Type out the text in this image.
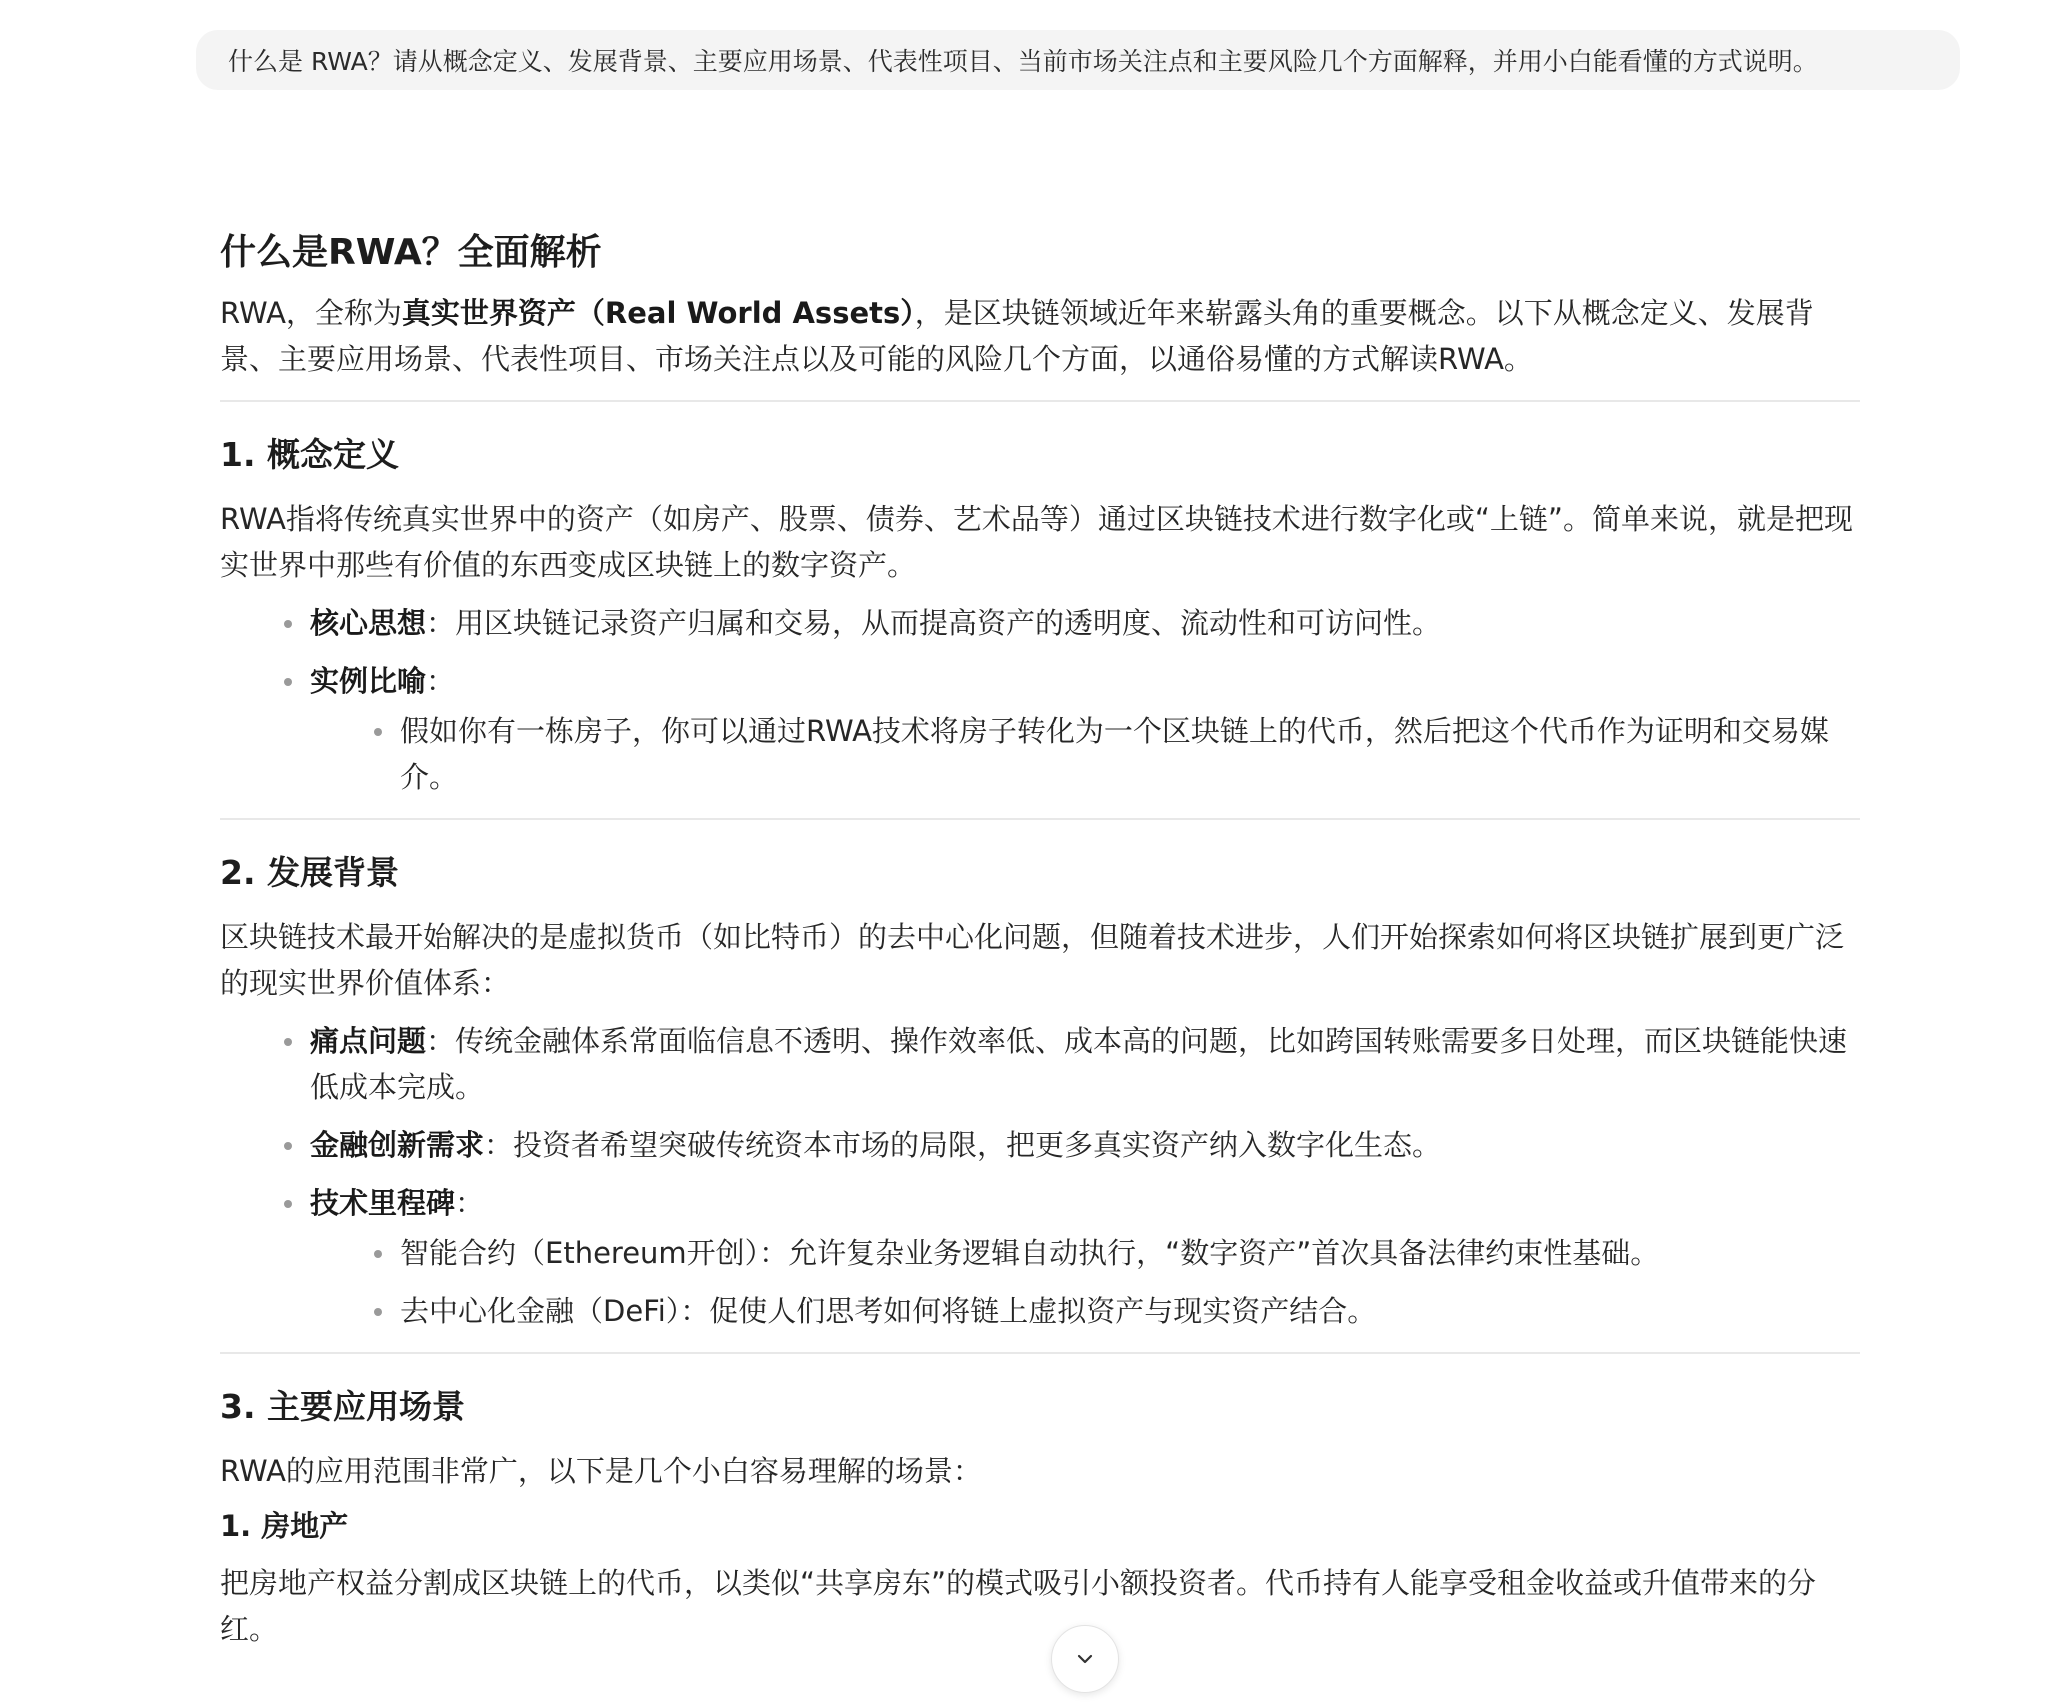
什么是 RWA？请从概念定义、发展背景、主要应用场景、代表性项目、当前市场关注点和主要风险几个方面解释，并用小白能看懂的方式说明。
什么是RWA？全面解析

RWA，全称为真实世界资产（Real World Assets），是区块链领域近年来崭露头角的重要概念。以下从概念定义、发展背景、主要应用场景、代表性项目、市场关注点以及可能的风险几个方面，以通俗易懂的方式解读RWA。

1. 概念定义

RWA指将传统真实世界中的资产（如房产、股票、债券、艺术品等）通过区块链技术进行数字化或“上链”。简单来说，就是把现实世界中那些有价值的东西变成区块链上的数字资产。

核心思想：用区块链记录资产归属和交易，从而提高资产的透明度、流动性和可访问性。
实例比喻：
假如你有一栋房子，你可以通过RWA技术将房子转化为一个区块链上的代币，然后把这个代币作为证明和交易媒介。
2. 发展背景

区块链技术最开始解决的是虚拟货币（如比特币）的去中心化问题，但随着技术进步，人们开始探索如何将区块链扩展到更广泛的现实世界价值体系：

痛点问题：传统金融体系常面临信息不透明、操作效率低、成本高的问题，比如跨国转账需要多日处理，而区块链能快速低成本完成。
金融创新需求：投资者希望突破传统资本市场的局限，把更多真实资产纳入数字化生态。
技术里程碑：
智能合约（Ethereum开创）：允许复杂业务逻辑自动执行，“数字资产”首次具备法律约束性基础。
去中心化金融（DeFi）：促使人们思考如何将链上虚拟资产与现实资产结合。
3. 主要应用场景

RWA的应用范围非常广，以下是几个小白容易理解的场景：

1. 房地产

把房地产权益分割成区块链上的代币，以类似“共享房东”的模式吸引小额投资者。代币持有人能享受租金收益或升值带来的分红。
